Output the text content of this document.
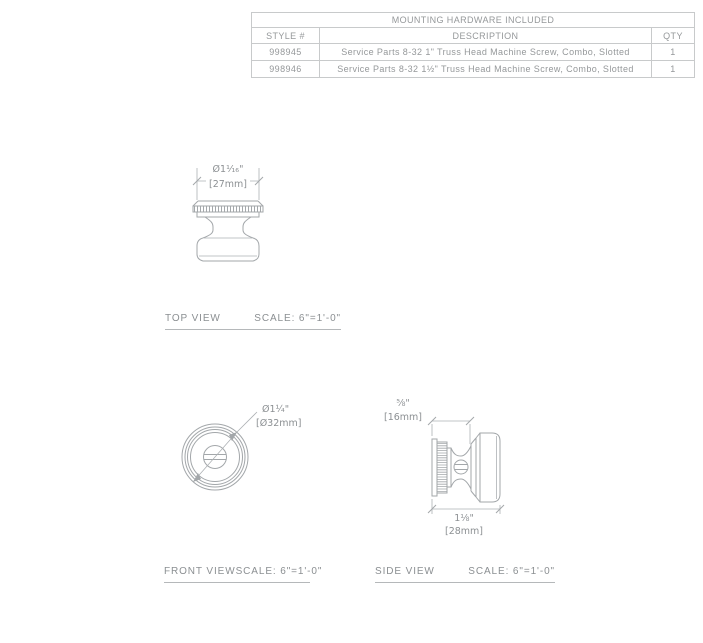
MOUNTING HARDWARE INCLUDED
STYLE #	DESCRIPTION	QTY
998945	Service Parts 8-32 1" Truss Head Machine Screw, Combo, Slotted	1
998946	Service Parts 8-32 1½" Truss Head Machine Screw, Combo, Slotted	1
Ø1¹⁄₁₆"
[27mm]
TOP VIEW	SCALE: 6"=1'-0"
Ø1¼"
[Ø32mm]
FRONT VIEW SCALE: 6"=1'-0"
⅝"
[16mm]
1⅛"
[28mm]
SIDE VIEW	SCALE: 6"=1'-0"
